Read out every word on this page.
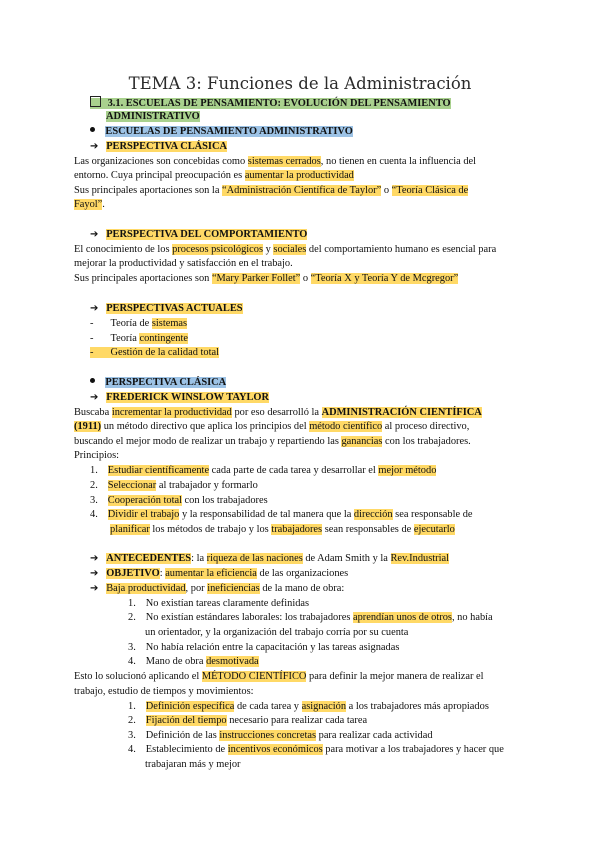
TEMA 3: Funciones de la Administración
3.1. ESCUELAS DE PENSAMIENTO: EVOLUCIÓN DEL PENSAMIENTO
ADMINISTRATIVO
ESCUELAS DE PENSAMIENTO ADMINISTRATIVO
➔ PERSPECTIVA CLÁSICA
Las organizaciones son concebidas como sistemas cerrados, no tienen en cuenta la influencia del
entorno. Cuya principal preocupación es aumentar la productividad
Sus principales aportaciones son la “Administración Científica de Taylor” o “Teoría Clásica de
Fayol”.
➔ PERSPECTIVA DEL COMPORTAMIENTO
El conocimiento de los procesos psicológicos y sociales del comportamiento humano es esencial para
mejorar la productividad y satisfacción en el trabajo.
Sus principales aportaciones son “Mary Parker Follet” o “Teoría X y Teoría Y de Mcgregor”
➔ PERSPECTIVAS ACTUALES
- Teoría de sistemas
- Teoría contingente
- Gestión de la calidad total
PERSPECTIVA CLÁSICA
➔ FREDERICK WINSLOW TAYLOR
Buscaba incrementar la productividad por eso desarrolló la ADMINISTRACIÓN CIENTÍFICA
(1911) un método directivo que aplica los principios del método científico al proceso directivo,
buscando el mejor modo de realizar un trabajo y repartiendo las ganancias con los trabajadores.
Principios:
1. Estudiar científicamente cada parte de cada tarea y desarrollar el mejor método
2. Seleccionar al trabajador y formarlo
3. Cooperación total con los trabajadores
4. Dividir el trabajo y la responsabilidad de tal manera que la dirección sea responsable de
planificar los métodos de trabajo y los trabajadores sean responsables de ejecutarlo
➔ ANTECEDENTES: la riqueza de las naciones de Adam Smith y la Rev.Industrial
➔ OBJETIVO: aumentar la eficiencia de las organizaciones
➔ Baja productividad, por ineficiencias de la mano de obra:
1. No existían tareas claramente definidas
2. No existían estándares laborales: los trabajadores aprendían unos de otros, no había
un orientador, y la organización del trabajo corría por su cuenta
3. No había relación entre la capacitación y las tareas asignadas
4. Mano de obra desmotivada
Esto lo solucionó aplicando el MÉTODO CIENTÍFICO para definir la mejor manera de realizar el
trabajo, estudio de tiempos y movimientos:
1. Definición específica de cada tarea y asignación a los trabajadores más apropiados
2. Fijación del tiempo necesario para realizar cada tarea
3. Definición de las instrucciones concretas para realizar cada actividad
4. Establecimiento de incentivos económicos para motivar a los trabajadores y hacer que
trabajaran más y mejor
